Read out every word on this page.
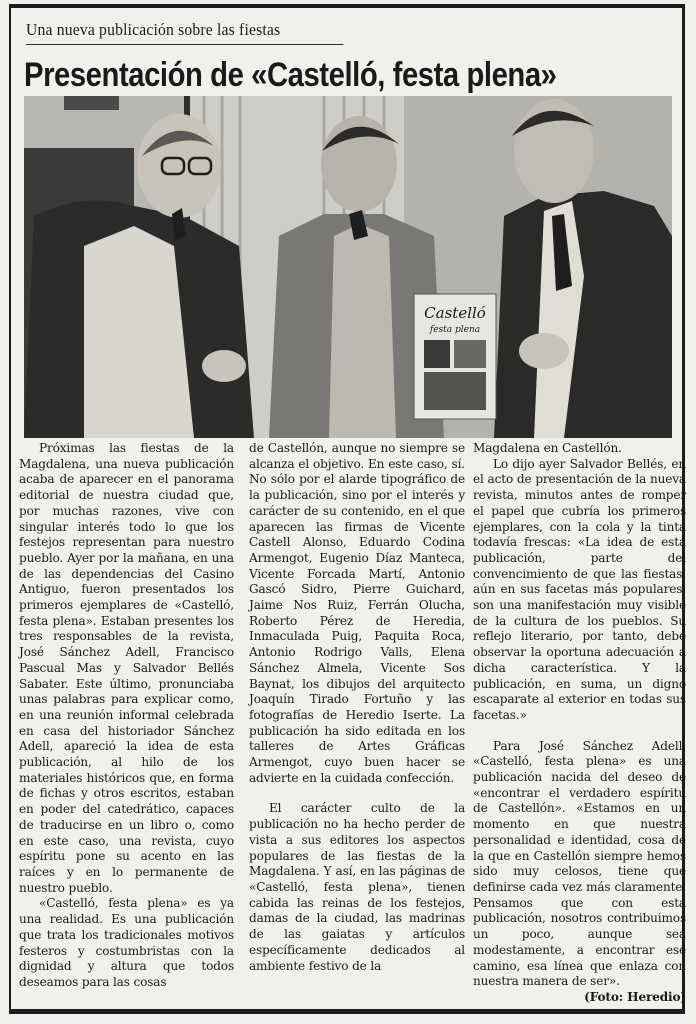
Una nueva publicación sobre las fiestas
Presentación de «Castelló, festa plena»
Castelló
festa plena

Próximas las fiestas de la Magdalena, una nueva publicación acaba de aparecer en el panorama editorial de nuestra ciudad que, por muchas razones, vive con singular interés todo lo que los festejos representan para nuestro pueblo. Ayer por la mañana, en una de las dependencias del Casino Antiguo, fueron presentados los primeros ejemplares de «Castelló, festa plena». Estaban presentes los tres responsables de la revista, José Sánchez Adell, Francisco Pascual Mas y Salvador Bellés Sabater. Este último, pronunciaba unas palabras para explicar como, en una reunión informal celebrada en casa del historiador Sánchez Adell, apareció la idea de esta publicación, al hilo de los materiales históricos que, en forma de fichas y otros escritos, estaban en poder del catedrático, capaces de traducirse en un libro o, como en este caso, una revista, cuyo espíritu pone su acento en las raíces y en lo permanente de nuestro pueblo.

«Castelló, festa plena» es ya una realidad. Es una publicación que trata los tradicionales motivos festeros y costumbristas con la dignidad y altura que todos deseamos para las cosas

de Castellón, aunque no siempre se alcanza el objetivo. En este caso, sí. No sólo por el alarde tipográfico de la publicación, sino por el interés y carácter de su contenido, en el que aparecen las firmas de Vicente Castell Alonso, Eduardo Codina Armengot, Eugenio Díaz Manteca, Vicente Forcada Martí, Antonio Gascó Sidro, Pierre Guichard, Jaime Nos Ruiz, Ferrán Olucha, Roberto Pérez de Heredia, Inmaculada Puig, Paquita Roca, Antonio Rodrigo Valls, Elena Sánchez Almela, Vicente Sos Baynat, los dibujos del arquitecto Joaquín Tirado Fortuño y las fotografías de Heredio Iserte. La publicación ha sido editada en los talleres de Artes Gráficas Armengot, cuyo buen hacer se advierte en la cuidada confección.

El carácter culto de la publicación no ha hecho perder de vista a sus editores los aspectos populares de las fiestas de la Magdalena. Y así, en las páginas de «Castelló, festa plena», tienen cabida las reinas de los festejos, damas de la ciudad, las madrinas de las gaiatas y artículos específicamente dedicados al ambiente festivo de la

Magdalena en Castellón.

Lo dijo ayer Salvador Bellés, en el acto de presentación de la nueva revista, minutos antes de romper el papel que cubría los primeros ejemplares, con la cola y la tinta todavía frescas: «La idea de esta publicación, parte del convencimiento de que las fiestas, aún en sus facetas más populares, son una manifestación muy visible de la cultura de los pueblos. Su reflejo literario, por tanto, debe observar la oportuna adecuación a dicha característica. Y la publicación, en suma, un digno escaparate al exterior en todas sus facetas.»

Para José Sánchez Adell, «Castelló, festa plena» es una publicación nacida del deseo de «encontrar el verdadero espíritu de Castellón». «Estamos en un momento en que nuestra personalidad e identidad, cosa de la que en Castellón siempre hemos sido muy celosos, tiene que definirse cada vez más claramente. Pensamos que con esta publicación, nosotros contribuimos un poco, aunque sea modestamente, a encontrar ese camino, esa línea que enlaza con nuestra manera de ser».

(Foto: Heredio)
